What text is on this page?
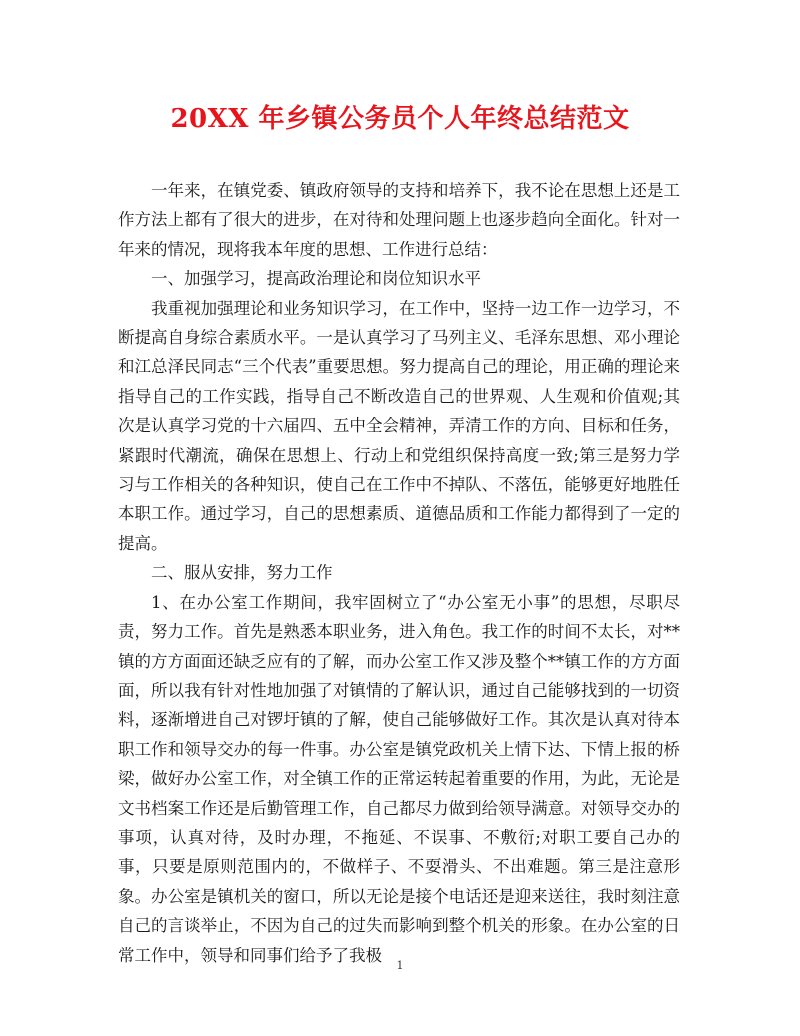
20XX 年乡镇公务员个人年终总结范文

一年来，在镇党委、镇政府领导的支持和培养下，我不论在思想上还是工作方法上都有了很大的进步，在对待和处理问题上也逐步趋向全面化。针对一年来的情况，现将我本年度的思想、工作进行总结：

一、加强学习，提高政治理论和岗位知识水平

我重视加强理论和业务知识学习，在工作中，坚持一边工作一边学习，不断提高自身综合素质水平。一是认真学习了马列主义、毛泽东思想、邓小理论和江总泽民同志“三个代表”重要思想。努力提高自己的理论，用正确的理论来指导自己的工作实践，指导自己不断改造自己的世界观、人生观和价值观;其次是认真学习党的十六届四、五中全会精神，弄清工作的方向、目标和任务，紧跟时代潮流，确保在思想上、行动上和党组织保持高度一致;第三是努力学习与工作相关的各种知识，使自己在工作中不掉队、不落伍，能够更好地胜任本职工作。通过学习，自己的思想素质、道德品质和工作能力都得到了一定的提高。

二、服从安排，努力工作

1、在办公室工作期间，我牢固树立了“办公室无小事”的思想，尽职尽责，努力工作。首先是熟悉本职业务，进入角色。我工作的时间不太长，对**镇的方方面面还缺乏应有的了解，而办公室工作又涉及整个**镇工作的方方面面，所以我有针对性地加强了对镇情的了解认识，通过自己能够找到的一切资料，逐渐增进自己对锣圩镇的了解，使自己能够做好工作。其次是认真对待本职工作和领导交办的每一件事。办公室是镇党政机关上情下达、下情上报的桥梁，做好办公室工作，对全镇工作的正常运转起着重要的作用，为此，无论是文书档案工作还是后勤管理工作，自己都尽力做到给领导满意。对领导交办的事项，认真对待，及时办理，不拖延、不误事、不敷衍;对职工要自己办的事，只要是原则范围内的，不做样子、不耍滑头、不出难题。第三是注意形象。办公室是镇机关的窗口，所以无论是接个电话还是迎来送往，我时刻注意自己的言谈举止，不因为自己的过失而影响到整个机关的形象。在办公室的日常工作中，领导和同事们给予了我极

1
